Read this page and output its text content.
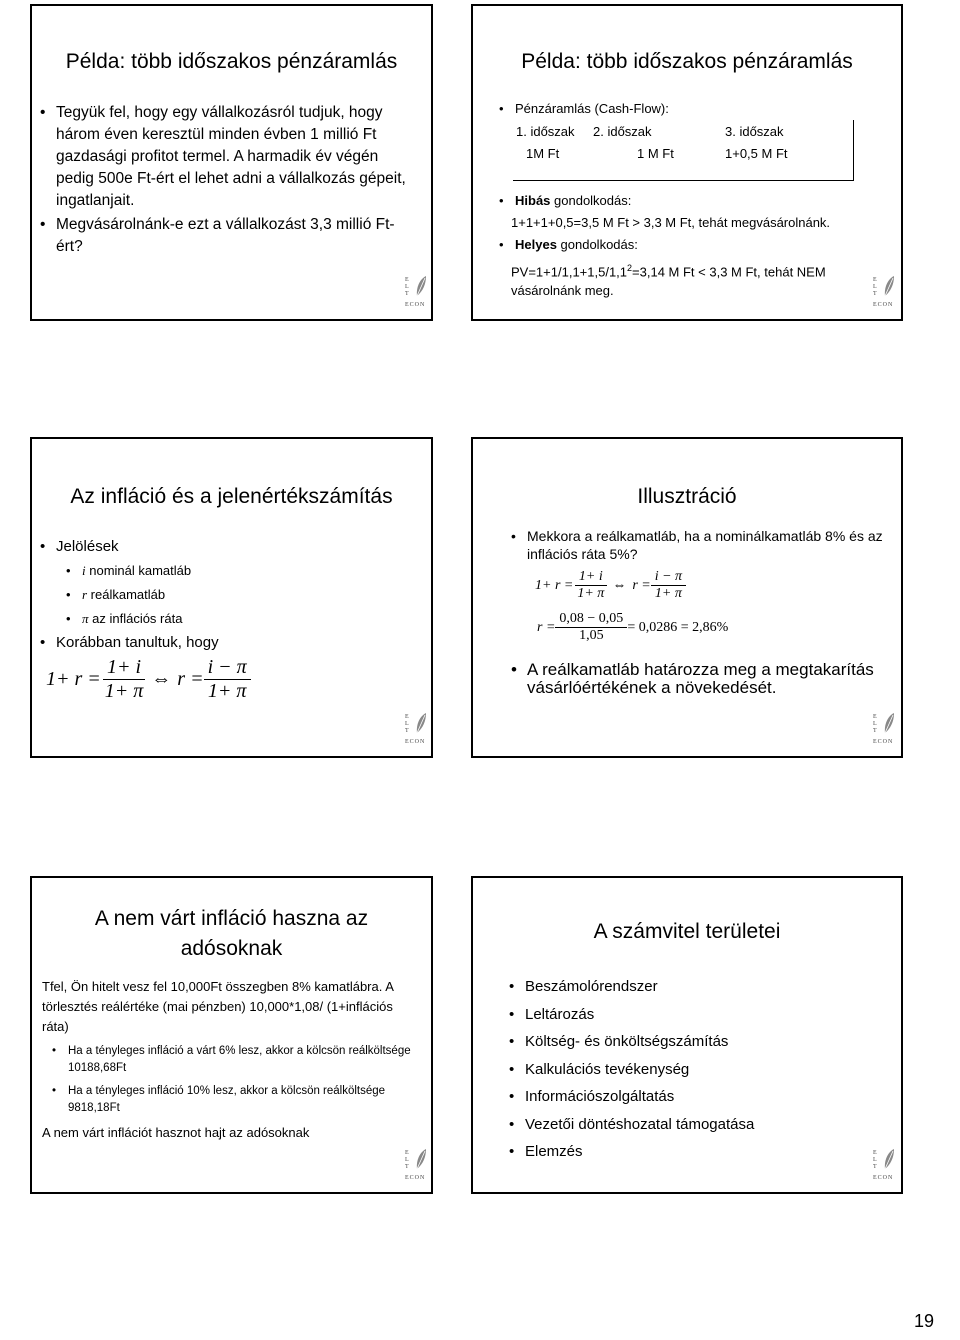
Példa: több időszakos pénzáramlás
• Tegyük fel, hogy egy vállalkozásról tudjuk, hogy három éven keresztül minden évben 1 millió Ft gazdasági profitot termel. A harmadik év végén pedig 500e Ft-ért el lehet adni a vállalkozás gépeit, ingatlanjait.
• Megvásárolnánk-e ezt a vállalkozást 3,3 millió Ft-ért?
E
L
T
ECON
Példa: több időszakos pénzáramlás
• Pénzáramlás (Cash-Flow):
1. időszak 2. időszak	3. időszak
1M Ft	1 M Ft	1+0,5 M Ft
• Hibás gondolkodás:
1+1+1+0,5=3,5 M Ft > 3,3 M Ft, tehát megvásárolnánk.
• Helyes gondolkodás:
$PV=1+1/1,1+1,5/1,1^2=3,14$ M Ft < 3,3 M Ft, tehát NEM vásárolnánk meg.
E
L
T
ECON
Az infláció és a jelenértékszámítás
• Jelölések
• i nominál kamatláb
• r reálkamatláb
• π az inflációs ráta
• Korábban tanultuk, hogy
$1+ r = \frac{1+ i}{1+ \pi}$ ⇔ $r = \frac{i - \pi}{1+ \pi}$
E
L
T
ECON
Illusztráció
• Mekkora a reálkamatláb, ha a nominálkamatláb 8% és az inflációs ráta 5%?
$1+ r = \frac{1+ i}{1+ \pi}$ ⇔ $r = \frac{i - \pi}{1+ \pi}$
$r = \frac{0,08 - 0,05}{1,05} = 0,0286 = 2,86\%$
• A reálkamatláb határozza meg a megtakarítás vásárlóértékének a növekedését.
E
L
T
ECON
A nem várt infláció haszna az adósoknak
• Tfel, Ön hitelt vesz fel 10,000Ft összegben 8% kamatlábra. A törlesztés reálértéke (mai pénzben) 10,000*1,08/ (1+inflációs ráta)
• Ha a tényleges infláció a várt 6% lesz, akkor a kölcsön reálköltsége 10188,68Ft
• Ha a tényleges infláció 10% lesz, akkor a kölcsön reálköltsége 9818,18Ft
• A nem várt inflációt hasznot hajt az adósoknak
E
L
T
ECON
A számvitel területei
• Beszámolórendszer
• Leltározás
• Költség- és önköltségszámítás
• Kalkulációs tevékenység
• Információszolgáltatás
• Vezetői döntéshozatal támogatása
• Elemzés	E
L
T
ECON
19
